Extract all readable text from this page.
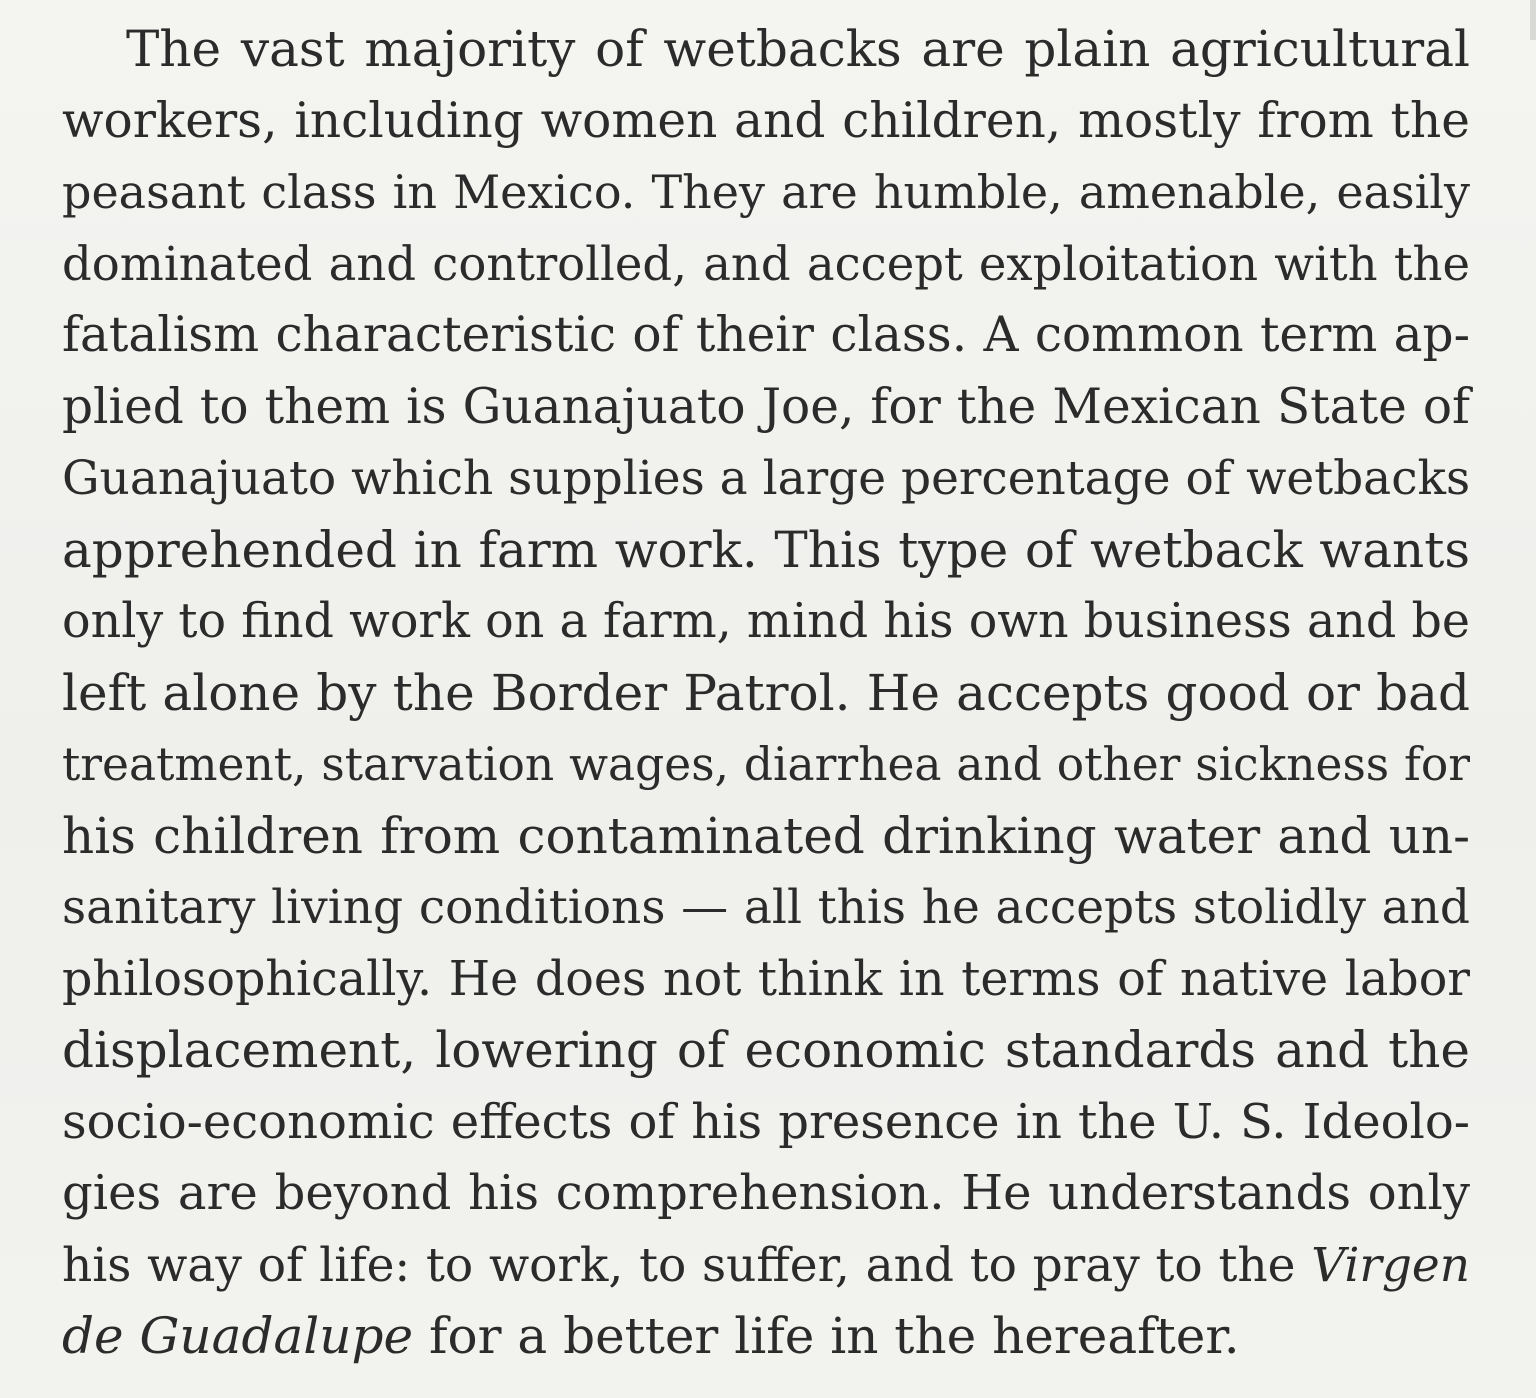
The vast majority of wetbacks are plain agricultural
workers, including women and children, mostly from the
peasant class in Mexico. They are humble, amenable, easily
dominated and controlled, and accept exploitation with the
fatalism characteristic of their class. A common term ap-
plied to them is Guanajuato Joe, for the Mexican State of
Guanajuato which supplies a large percentage of wetbacks
apprehended in farm work. This type of wetback wants
only to find work on a farm, mind his own business and be
left alone by the Border Patrol. He accepts good or bad
treatment, starvation wages, diarrhea and other sickness for
his children from contaminated drinking water and un-
sanitary living conditions — all this he accepts stolidly and
philosophically. He does not think in terms of native labor
displacement, lowering of economic standards and the
socio-economic effects of his presence in the U. S. Ideolo-
gies are beyond his comprehension. He understands only
his way of life: to work, to suffer, and to pray to the Virgen
de Guadalupe for a better life in the hereafter.
